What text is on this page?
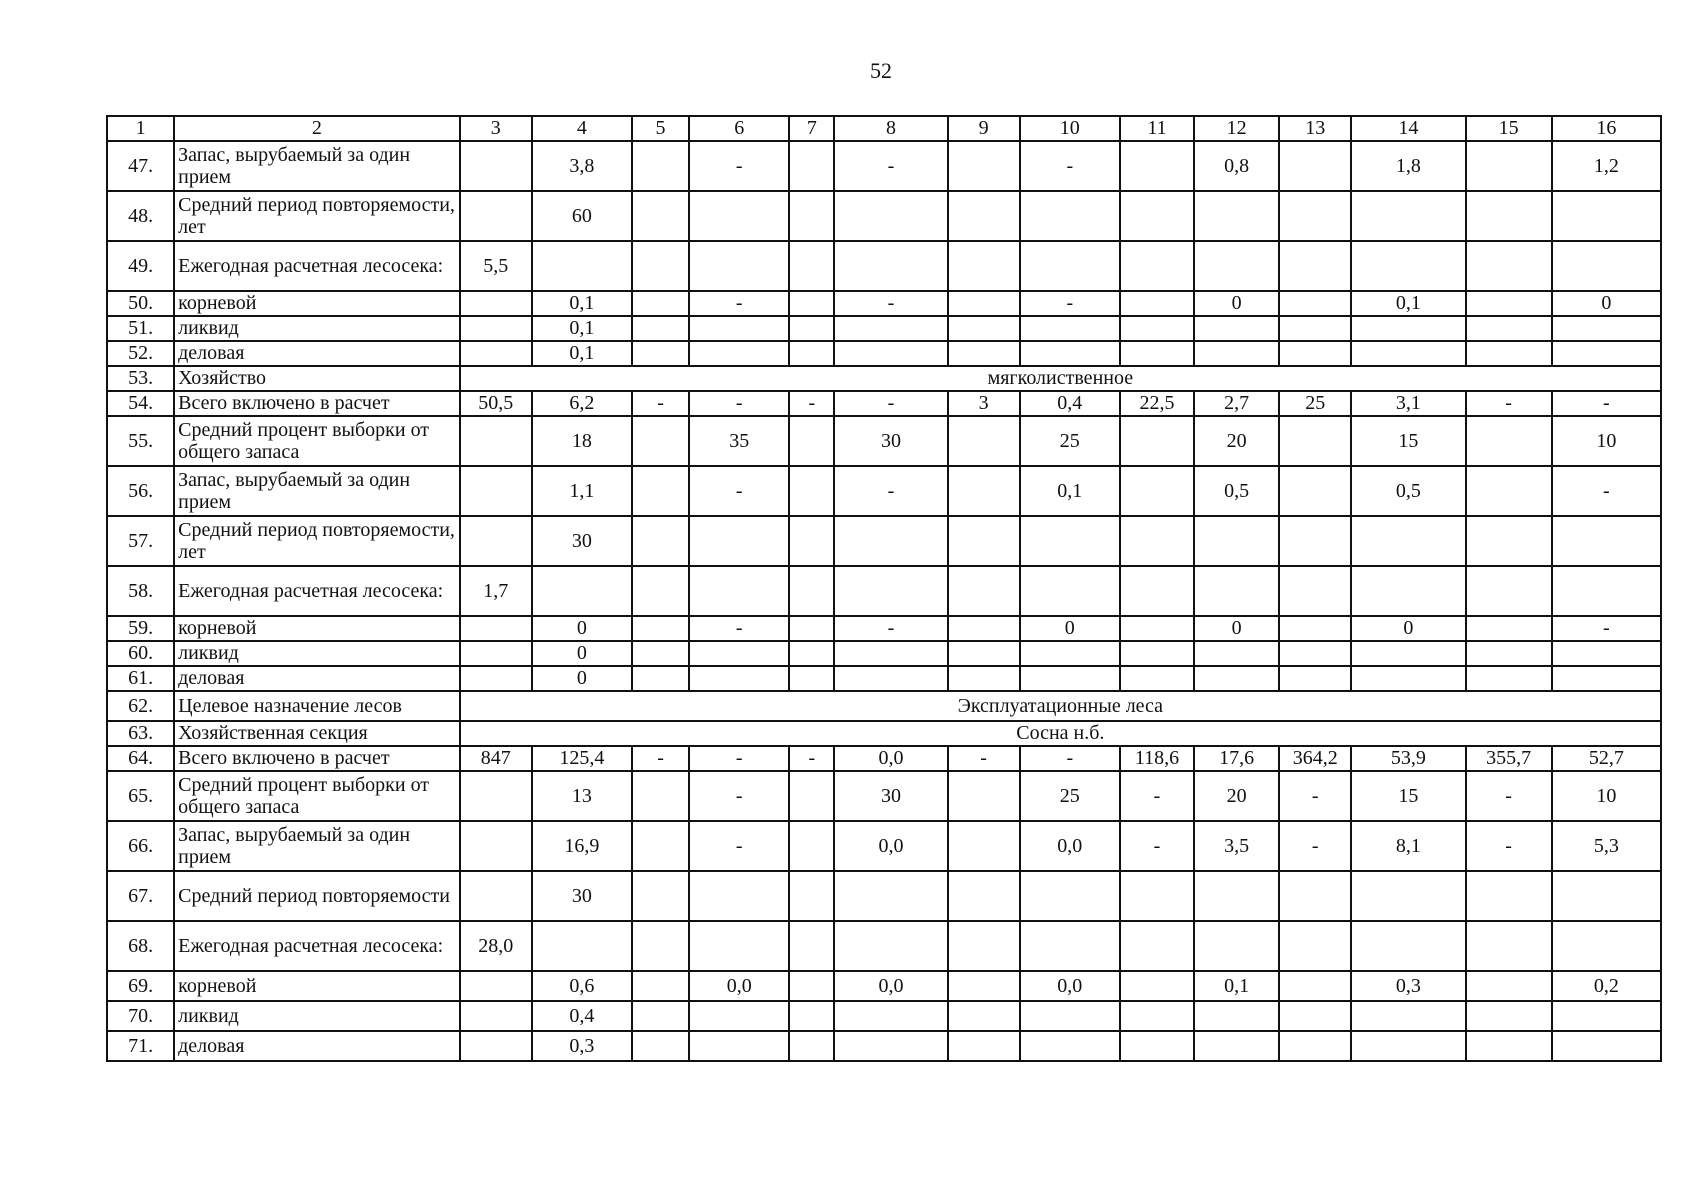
52
1	2	3	4	5	6	7	8	9	10	11	12	13	14	15	16
47.	Запас, вырубаемый за один прием		3,8		-		-		-		0,8		1,8		1,2
48.	Средний период повторяемости, лет		60												
49.	Ежегодная расчетная лесосека:	5,5													
50.	корневой		0,1		-		-		-		0		0,1		0
51.	ликвид		0,1												
52.	деловая		0,1												
53.	Хозяйство	мягколиственное													
54.	Всего включено в расчет	50,5	6,2	-	-	-	-	3	0,4	22,5	2,7	25	3,1	-	-
55.	Средний процент выборки от общего запаса		18		35		30		25		20		15		10
56.	Запас, вырубаемый за один прием		1,1		-		-		0,1		0,5		0,5		-
57.	Средний период повторяемости, лет		30												
58.	Ежегодная расчетная лесосека:	1,7													
59.	корневой		0		-		-		0		0		0		-
60.	ликвид		0												
61.	деловая		0												
62.	Целевое назначение лесов	Эксплуатационные леса													
63.	Хозяйственная секция	Сосна н.б.													
64.	Всего включено в расчет	847	125,4	-	-	-	0,0	-	-	118,6	17,6	364,2	53,9	355,7	52,7
65.	Средний процент выборки от общего запаса		13		-		30		25	-	20	-	15	-	10
66.	Запас, вырубаемый за один прием		16,9		-		0,0		0,0	-	3,5	-	8,1	-	5,3
67.	Средний период повторяемости		30												
68.	Ежегодная расчетная лесосека:	28,0													
69.	корневой		0,6		0,0		0,0		0,0		0,1		0,3		0,2
70.	ликвид		0,4												
71.	деловая		0,3												
